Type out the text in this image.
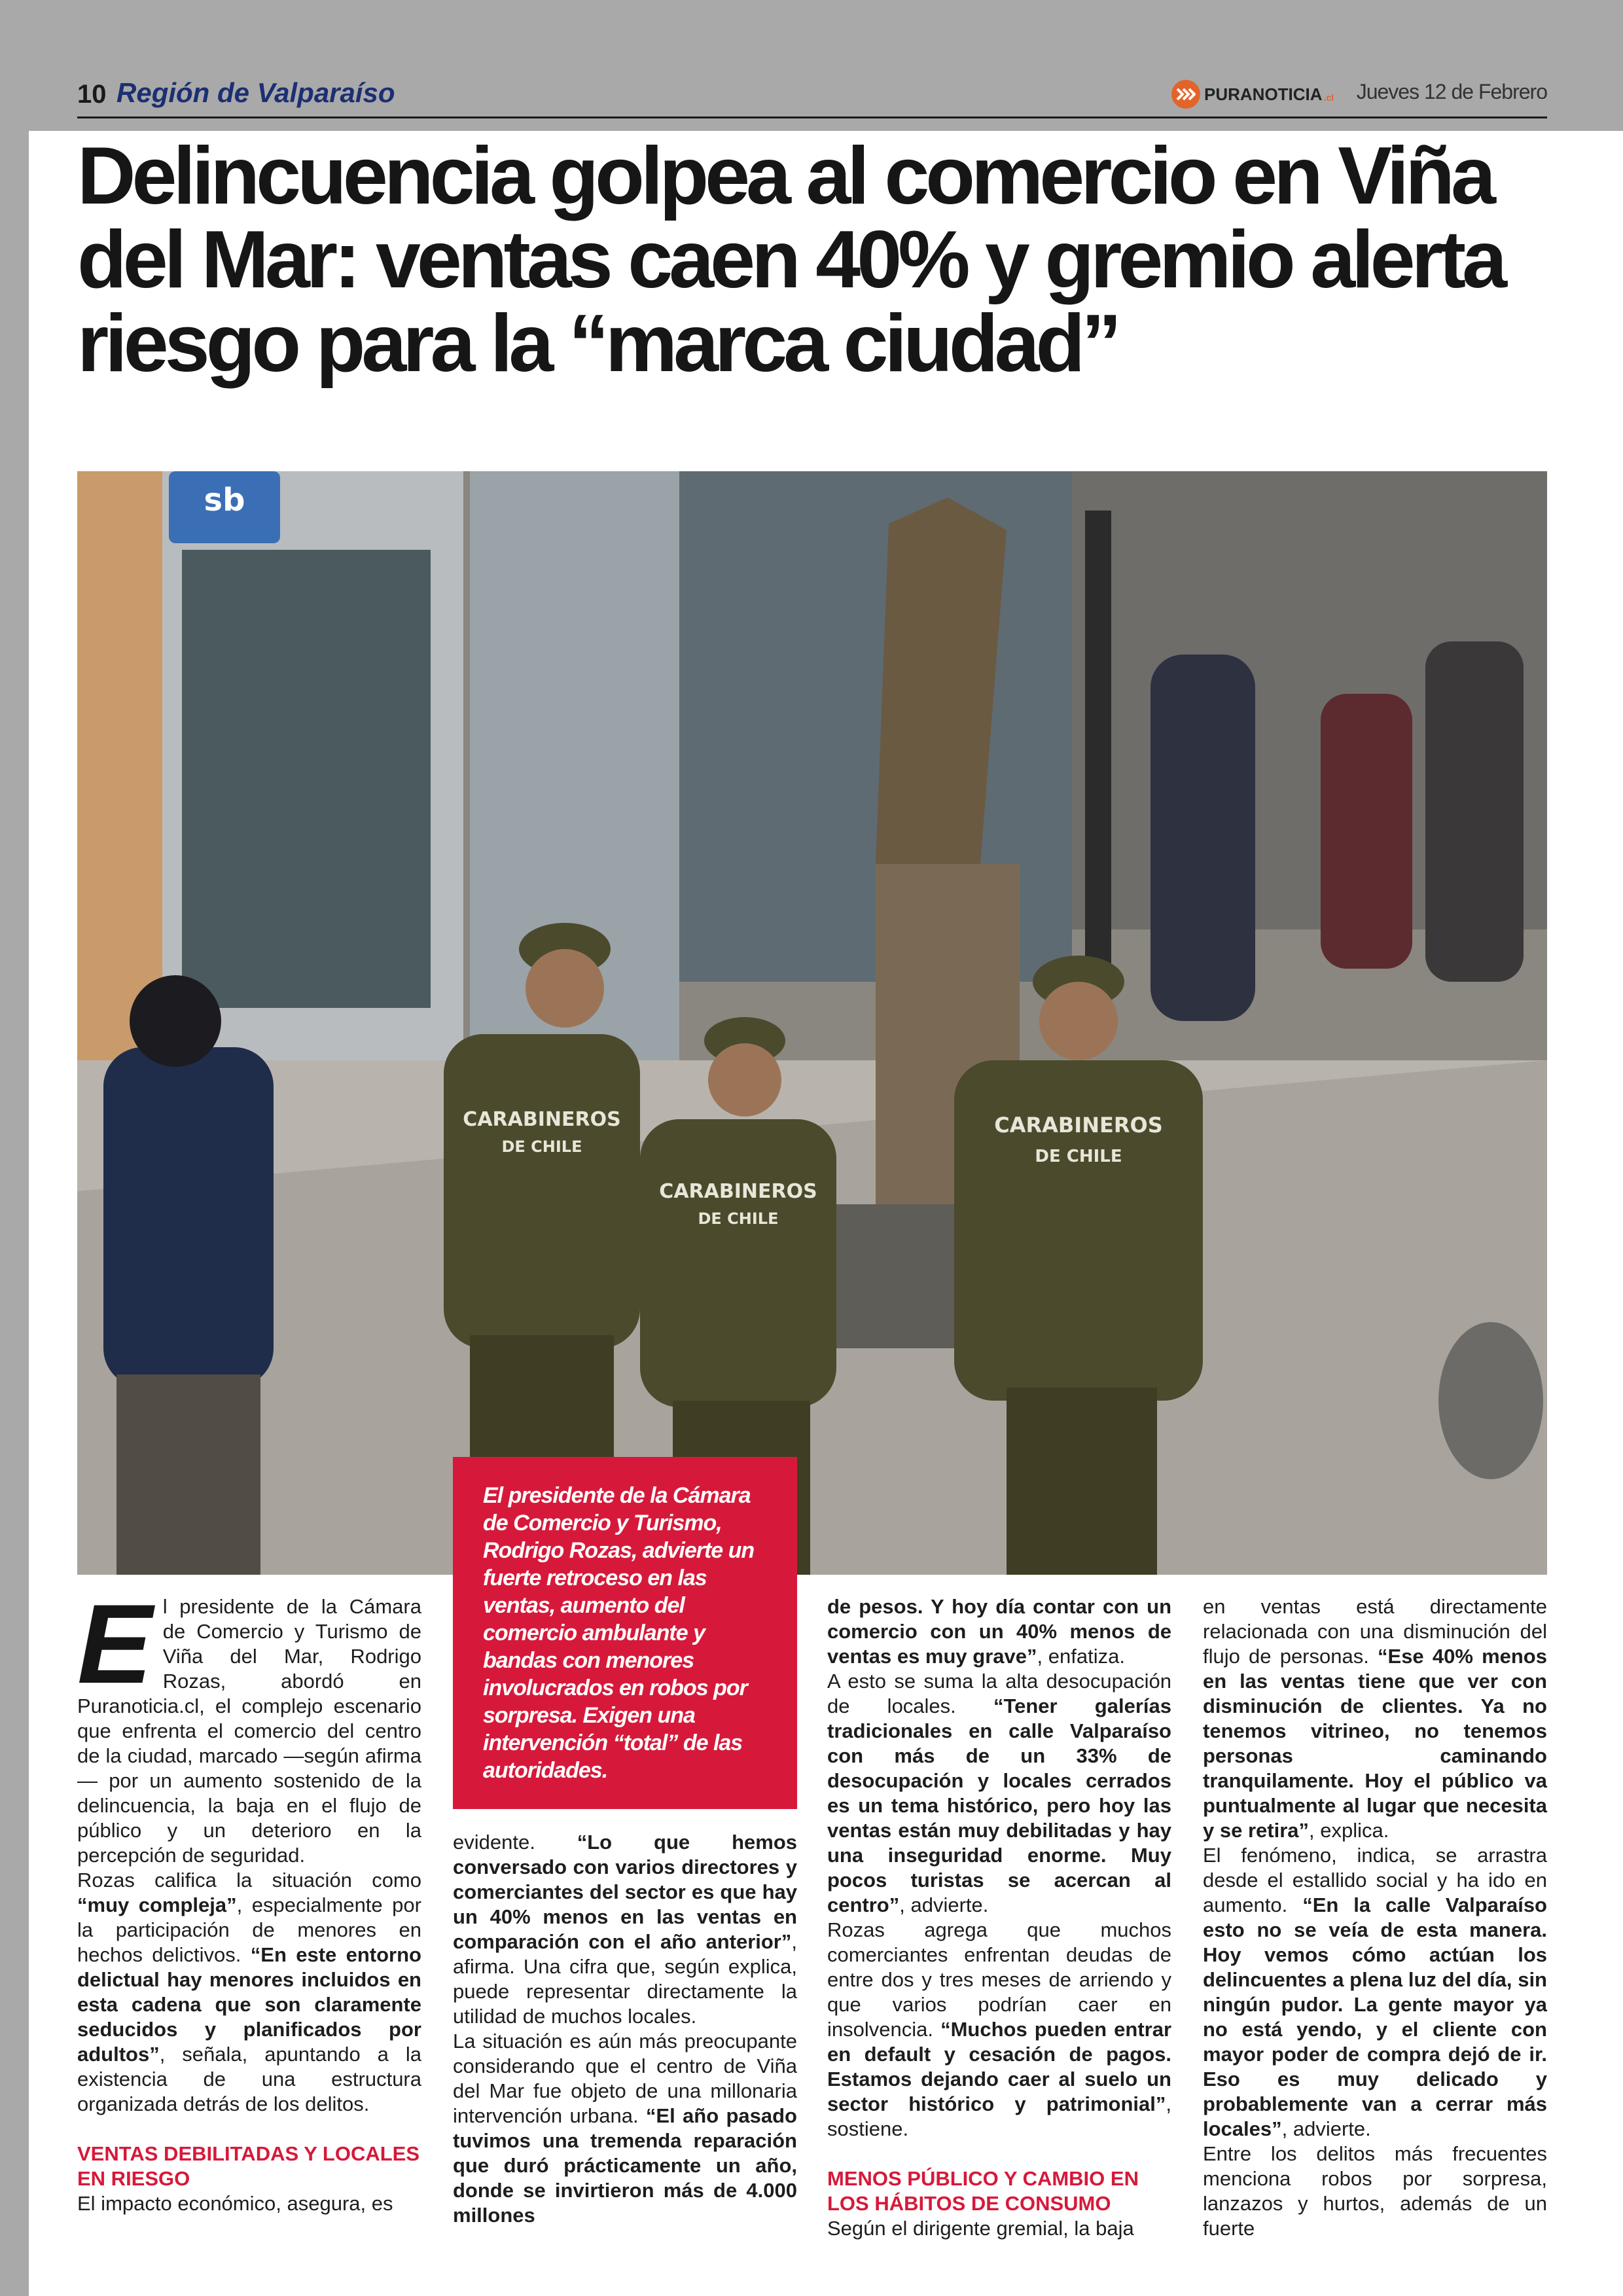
10 Región de Valparaíso	PURANOTICIA .cl Jueves 12 de Febrero
Delincuencia golpea al comercio en Viña del Mar: ventas caen 40% y gremio alerta riesgo para la “marca ciudad”
sb
CARABINEROS
DE CHILE
CARABINEROS
DE CHILE
CARABINEROS
DE CHILE
El presidente de la Cámara de Comercio y Turismo, Rodrigo Rozas, advierte un fuerte retroceso en las ventas, aumento del comercio ambulante y bandas con menores involucrados en robos por sorpresa. Exigen una intervención “total” de las autoridades.

El presidente de la Cámara de Comercio y Turismo de Viña del Mar, Rodrigo Rozas, abordó en Puranoticia.cl, el complejo escenario que enfrenta el comercio del centro de la ciudad, marcado —según afirma— por un aumento sostenido de la delincuencia, la baja en el flujo de público y un deterioro en la percepción de seguridad.

Rozas califica la situación como “muy compleja”, especialmente por la participación de menores en hechos delictivos. “En este entorno delictual hay menores incluidos en esta cadena que son claramente seducidos y planificados por adultos”, señala, apuntando a la existencia de una estructura organizada detrás de los delitos.

VENTAS DEBILITADAS Y LOCALES EN RIESGO

El impacto económico, asegura, es

evidente. “Lo que hemos conversado con varios directores y comerciantes del sector es que hay un 40% menos en las ventas en comparación con el año anterior”, afirma. Una cifra que, según explica, puede representar directamente la utilidad de muchos locales.

La situación es aún más preocupante considerando que el centro de Viña del Mar fue objeto de una millonaria intervención urbana. “El año pasado tuvimos una tremenda reparación que duró prácticamente un año, donde se invirtieron más de 4.000 millones

de pesos. Y hoy día contar con un comercio con un 40% menos de ventas es muy grave”, enfatiza.

A esto se suma la alta desocupación de locales. “Tener galerías tradicionales en calle Valparaíso con más de un 33% de desocupación y locales cerrados es un tema histórico, pero hoy las ventas están muy debilitadas y hay una inseguridad enorme. Muy pocos turistas se acercan al centro”, advierte.

Rozas agrega que muchos comerciantes enfrentan deudas de entre dos y tres meses de arriendo y que varios podrían caer en insolvencia. “Muchos pueden entrar en default y cesación de pagos. Estamos dejando caer al suelo un sector histórico y patrimonial”, sostiene.

MENOS PÚBLICO Y CAMBIO EN LOS HÁBITOS DE CONSUMO

Según el dirigente gremial, la baja

en ventas está directamente relacionada con una disminución del flujo de personas. “Ese 40% menos en las ventas tiene que ver con disminución de clientes. Ya no tenemos vitrineo, no tenemos personas caminando tranquilamente. Hoy el público va puntualmente al lugar que necesita y se retira”, explica.

El fenómeno, indica, se arrastra desde el estallido social y ha ido en aumento. “En la calle Valparaíso esto no se veía de esta manera. Hoy vemos cómo actúan los delincuentes a plena luz del día, sin ningún pudor. La gente mayor ya no está yendo, y el cliente con mayor poder de compra dejó de ir. Eso es muy delicado y probablemente van a cerrar más locales”, advierte.

Entre los delitos más frecuentes menciona robos por sorpresa, lanzazos y hurtos, además de un fuerte
